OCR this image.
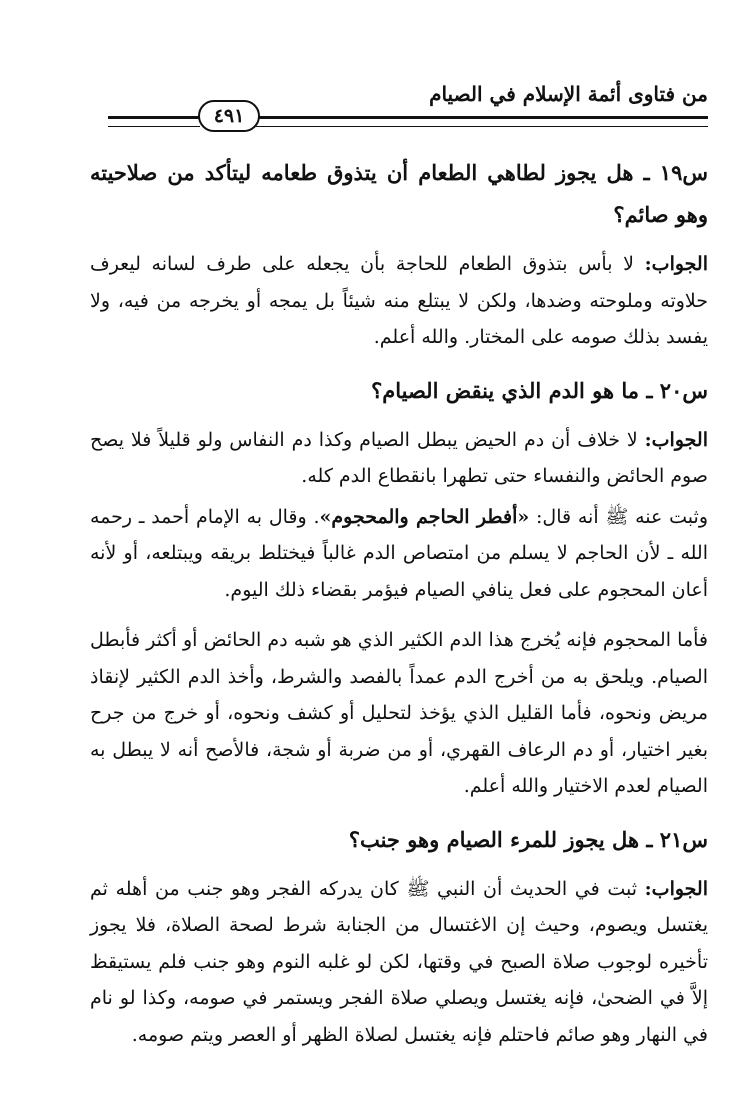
من فتاوى أئمة الإسلام في الصيام
٤٩١

س١٩ ـ هل يجوز لطاهي الطعام أن يتذوق طعامه ليتأكد من صلاحيته وهو صائم؟

الجواب: لا بأس بتذوق الطعام للحاجة بأن يجعله على طرف لسانه ليعرف حلاوته وملوحته وضدها، ولكن لا يبتلع منه شيئاً بل يمجه أو يخرجه من فيه، ولا يفسد بذلك صومه على المختار. والله أعلم.

س٢٠ ـ ما هو الدم الذي ينقض الصيام؟

الجواب: لا خلاف أن دم الحيض يبطل الصيام وكذا دم النفاس ولو قليلاً فلا يصح صوم الحائض والنفساء حتى تطهرا بانقطاع الدم كله.

وثبت عنه ﷺ أنه قال: «أفطر الحاجم والمحجوم». وقال به الإمام أحمد ـ رحمه الله ـ لأن الحاجم لا يسلم من امتصاص الدم غالباً فيختلط بريقه ويبتلعه، أو لأنه أعان المحجوم على فعل ينافي الصيام فيؤمر بقضاء ذلك اليوم.

فأما المحجوم فإنه يُخرج هذا الدم الكثير الذي هو شبه دم الحائض أو أكثر فأبطل الصيام. ويلحق به من أخرج الدم عمداً بالفصد والشرط، وأخذ الدم الكثير لإنقاذ مريض ونحوه، فأما القليل الذي يؤخذ لتحليل أو كشف ونحوه، أو خرج من جرح بغير اختيار، أو دم الرعاف القهري، أو من ضربة أو شجة، فالأصح أنه لا يبطل به الصيام لعدم الاختيار والله أعلم.

س٢١ ـ هل يجوز للمرء الصيام وهو جنب؟

الجواب: ثبت في الحديث أن النبي ﷺ كان يدركه الفجر وهو جنب من أهله ثم يغتسل ويصوم، وحيث إن الاغتسال من الجنابة شرط لصحة الصلاة، فلا يجوز تأخيره لوجوب صلاة الصبح في وقتها، لكن لو غلبه النوم وهو جنب فلم يستيقظ إلاَّ في الضحىٰ، فإنه يغتسل ويصلي صلاة الفجر ويستمر في صومه، وكذا لو نام في النهار وهو صائم فاحتلم فإنه يغتسل لصلاة الظهر أو العصر ويتم صومه.
